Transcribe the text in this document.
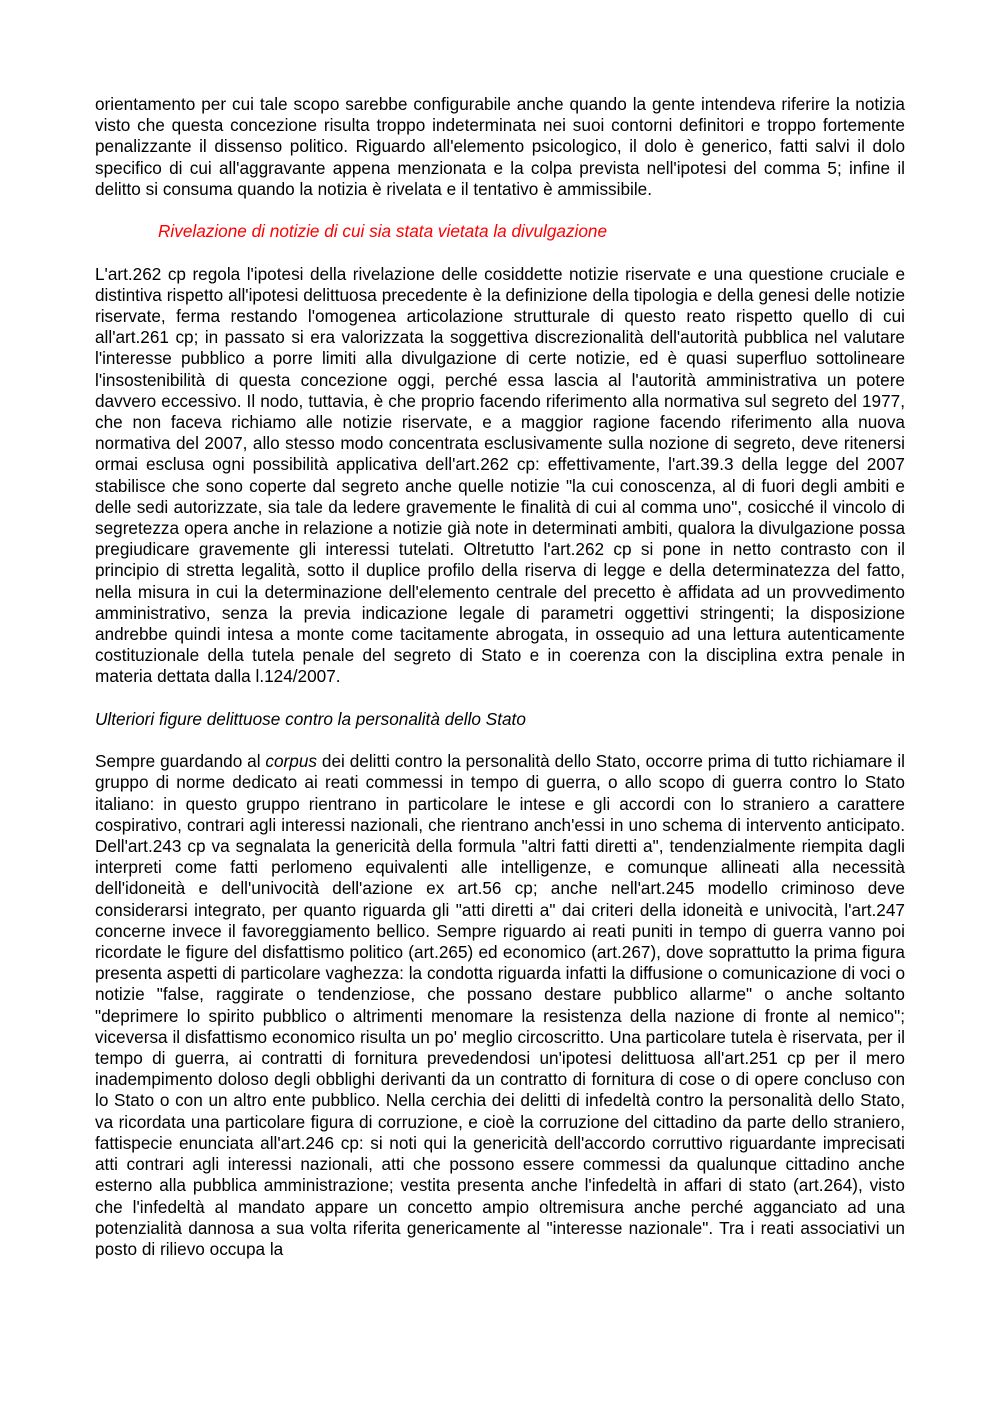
orientamento per cui tale scopo sarebbe configurabile anche quando la gente intendeva riferire la notizia visto che questa concezione risulta troppo indeterminata nei suoi contorni definitori e troppo fortemente penalizzante il dissenso politico. Riguardo all'elemento psicologico, il dolo è generico, fatti salvi il dolo specifico di cui all'aggravante appena menzionata e la colpa prevista nell'ipotesi del comma 5; infine il delitto si consuma quando la notizia è rivelata e il tentativo è ammissibile.

Rivelazione di notizie di cui sia stata vietata la divulgazione

L'art.262 cp regola l'ipotesi della rivelazione delle cosiddette notizie riservate e una questione cruciale e distintiva rispetto all'ipotesi delittuosa precedente è la definizione della tipologia e della genesi delle notizie riservate, ferma restando l'omogenea articolazione strutturale di questo reato rispetto quello di cui all'art.261 cp; in passato si era valorizzata la soggettiva discrezionalità dell'autorità pubblica nel valutare l'interesse pubblico a porre limiti alla divulgazione di certe notizie, ed è quasi superfluo sottolineare l'insostenibilità di questa concezione oggi, perché essa lascia al l'autorità amministrativa un potere davvero eccessivo. Il nodo, tuttavia, è che proprio facendo riferimento alla normativa sul segreto del 1977, che non faceva richiamo alle notizie riservate, e a maggior ragione facendo riferimento alla nuova normativa del 2007, allo stesso modo concentrata esclusivamente sulla nozione di segreto, deve ritenersi ormai esclusa ogni possibilità applicativa dell'art.262 cp: effettivamente, l'art.39.3 della legge del 2007 stabilisce che sono coperte dal segreto anche quelle notizie "la cui conoscenza, al di fuori degli ambiti e delle sedi autorizzate, sia tale da ledere gravemente le finalità di cui al comma uno", cosicché il vincolo di segretezza opera anche in relazione a notizie già note in determinati ambiti, qualora la divulgazione possa pregiudicare gravemente gli interessi tutelati. Oltretutto l'art.262 cp si pone in netto contrasto con il principio di stretta legalità, sotto il duplice profilo della riserva di legge e della determinatezza del fatto, nella misura in cui la determinazione dell'elemento centrale del precetto è affidata ad un provvedimento amministrativo, senza la previa indicazione legale di parametri oggettivi stringenti; la disposizione andrebbe quindi intesa a monte come tacitamente abrogata, in ossequio ad una lettura autenticamente costituzionale della tutela penale del segreto di Stato e in coerenza con la disciplina extra penale in materia dettata dalla l.124/2007.

Ulteriori figure delittuose contro la personalità dello Stato

Sempre guardando al corpus dei delitti contro la personalità dello Stato, occorre prima di tutto richiamare il gruppo di norme dedicato ai reati commessi in tempo di guerra, o allo scopo di guerra contro lo Stato italiano: in questo gruppo rientrano in particolare le intese e gli accordi con lo straniero a carattere cospirativo, contrari agli interessi nazionali, che rientrano anch'essi in uno schema di intervento anticipato. Dell'art.243 cp va segnalata la genericità della formula "altri fatti diretti a", tendenzialmente riempita dagli interpreti come fatti perlomeno equivalenti alle intelligenze, e comunque allineati alla necessità dell'idoneità e dell'univocità dell'azione ex art.56 cp; anche nell'art.245 modello criminoso deve considerarsi integrato, per quanto riguarda gli "atti diretti a" dai criteri della idoneità e univocità, l'art.247 concerne invece il favoreggiamento bellico. Sempre riguardo ai reati puniti in tempo di guerra vanno poi ricordate le figure del disfattismo politico (art.265) ed economico (art.267), dove soprattutto la prima figura presenta aspetti di particolare vaghezza: la condotta riguarda infatti la diffusione o comunicazione di voci o notizie "false, raggirate o tendenziose, che possano destare pubblico allarme" o anche soltanto "deprimere lo spirito pubblico o altrimenti menomare la resistenza della nazione di fronte al nemico"; viceversa il disfattismo economico risulta un po' meglio circoscritto. Una particolare tutela è riservata, per il tempo di guerra, ai contratti di fornitura prevedendosi un'ipotesi delittuosa all'art.251 cp per il mero inadempimento doloso degli obblighi derivanti da un contratto di fornitura di cose o di opere concluso con lo Stato o con un altro ente pubblico. Nella cerchia dei delitti di infedeltà contro la personalità dello Stato, va ricordata una particolare figura di corruzione, e cioè la corruzione del cittadino da parte dello straniero, fattispecie enunciata all'art.246 cp: si noti qui la genericità dell'accordo corruttivo riguardante imprecisati atti contrari agli interessi nazionali, atti che possono essere commessi da qualunque cittadino anche esterno alla pubblica amministrazione; vestita presenta anche l'infedeltà in affari di stato (art.264), visto che l'infedeltà al mandato appare un concetto ampio oltremisura anche perché agganciato ad una potenzialità dannosa a sua volta riferita genericamente al "interesse nazionale". Tra i reati associativi un posto di rilievo occupa la
